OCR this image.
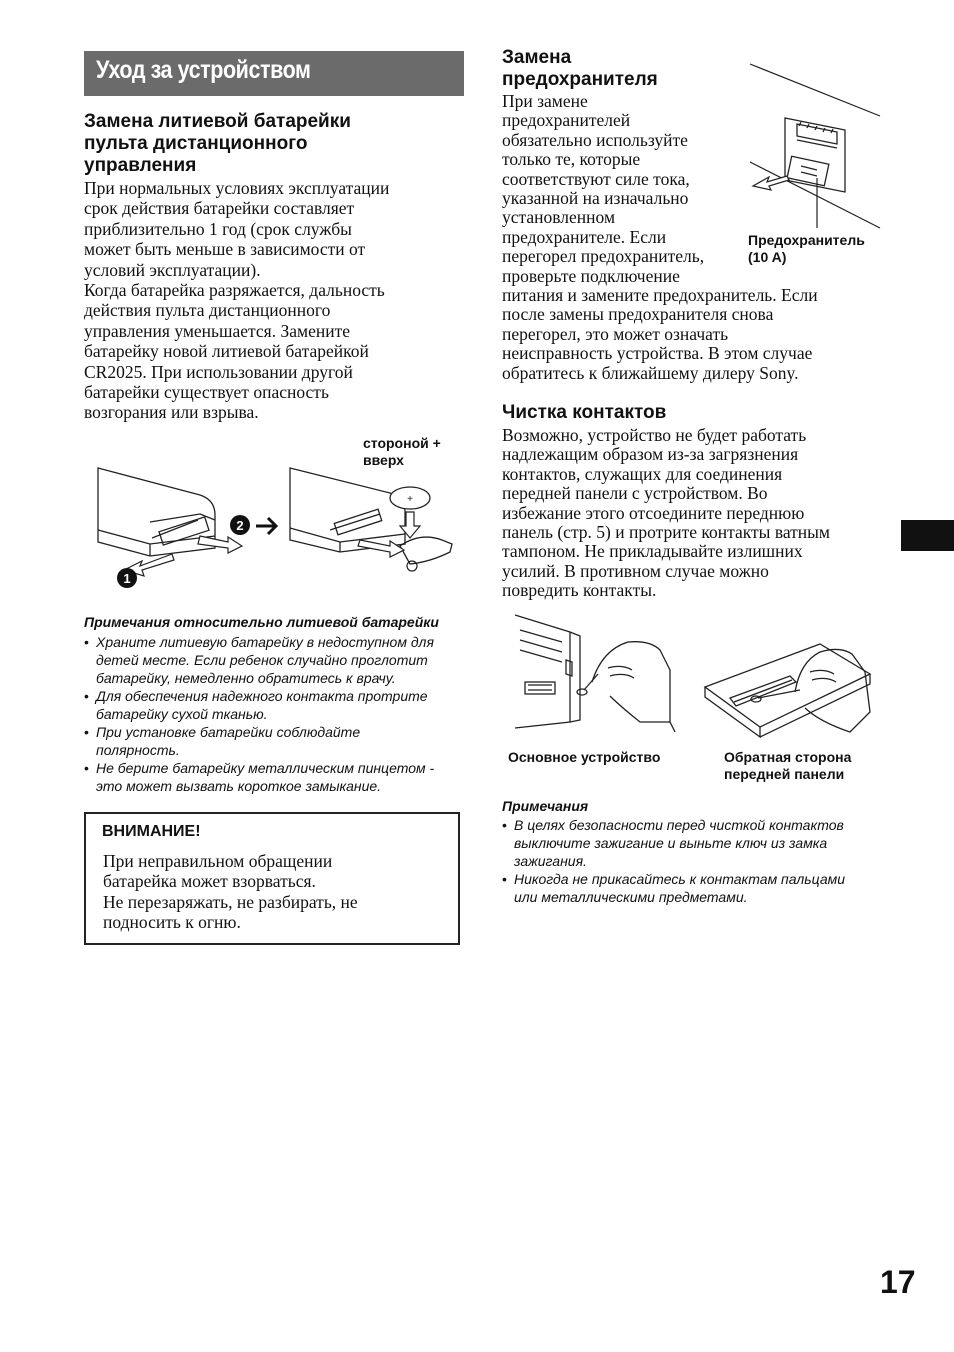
Уход за устройством
Замена литиевой батарейки
пульта дистанционного
управления
При нормальных условиях эксплуатации
срок действия батарейки составляет
приблизительно 1 год (срок службы
может быть меньше в зависимости от
условий эксплуатации).
Когда батарейка разряжается, дальность
действия пульта дистанционного
управления уменьшается. Замените
батарейку новой литиевой батарейкой
CR2025. При использовании другой
батарейки существует опасность
возгорания или взрыва.
стороной +
вверх
1
2
+
Примечания относительно литиевой батарейки
• Храните литиевую батарейку в недоступном для
детей месте. Если ребенок случайно проглотит
батарейку, немедленно обратитесь к врачу.
• Для обеспечения надежного контакта протрите
батарейку сухой тканью.
• При установке батарейки соблюдайте
полярность.
• Не берите батарейку металлическим пинцетом -
это может вызвать короткое замыкание.
ВНИМАНИЕ!
При неправильном обращении
батарейка может взорваться.
Не перезаряжать, не разбирать, не
подносить к огню.
Замена
предохранителя
При замене
предохранителей
обязательно используйте
только те, которые
соответствуют силе тока,
указанной на изначально
установленном
предохранителе. Если
перегорел предохранитель,
проверьте подключение
питания и замените предохранитель. Если
после замены предохранителя снова
перегорел, это может означать
неисправность устройства. В этом случае
обратитесь к ближайшему дилеру Sony.
Предохранитель
(10 A)
Чистка контактов
Возможно, устройство не будет работать
надлежащим образом из-за загрязнения
контактов, служащих для соединения
передней панели с устройством. Во
избежание этого отсоедините переднюю
панель (стр. 5) и протрите контакты ватным
тампоном. Не прикладывайте излишних
усилий. В противном случае можно
повредить контакты.
Основное устройство	Обратная сторона
передней панели
Примечания
• В целях безопасности перед чисткой контактов
выключите зажигание и выньте ключ из замка
зажигания.
• Никогда не прикасайтесь к контактам пальцами
или металлическими предметами.
17
